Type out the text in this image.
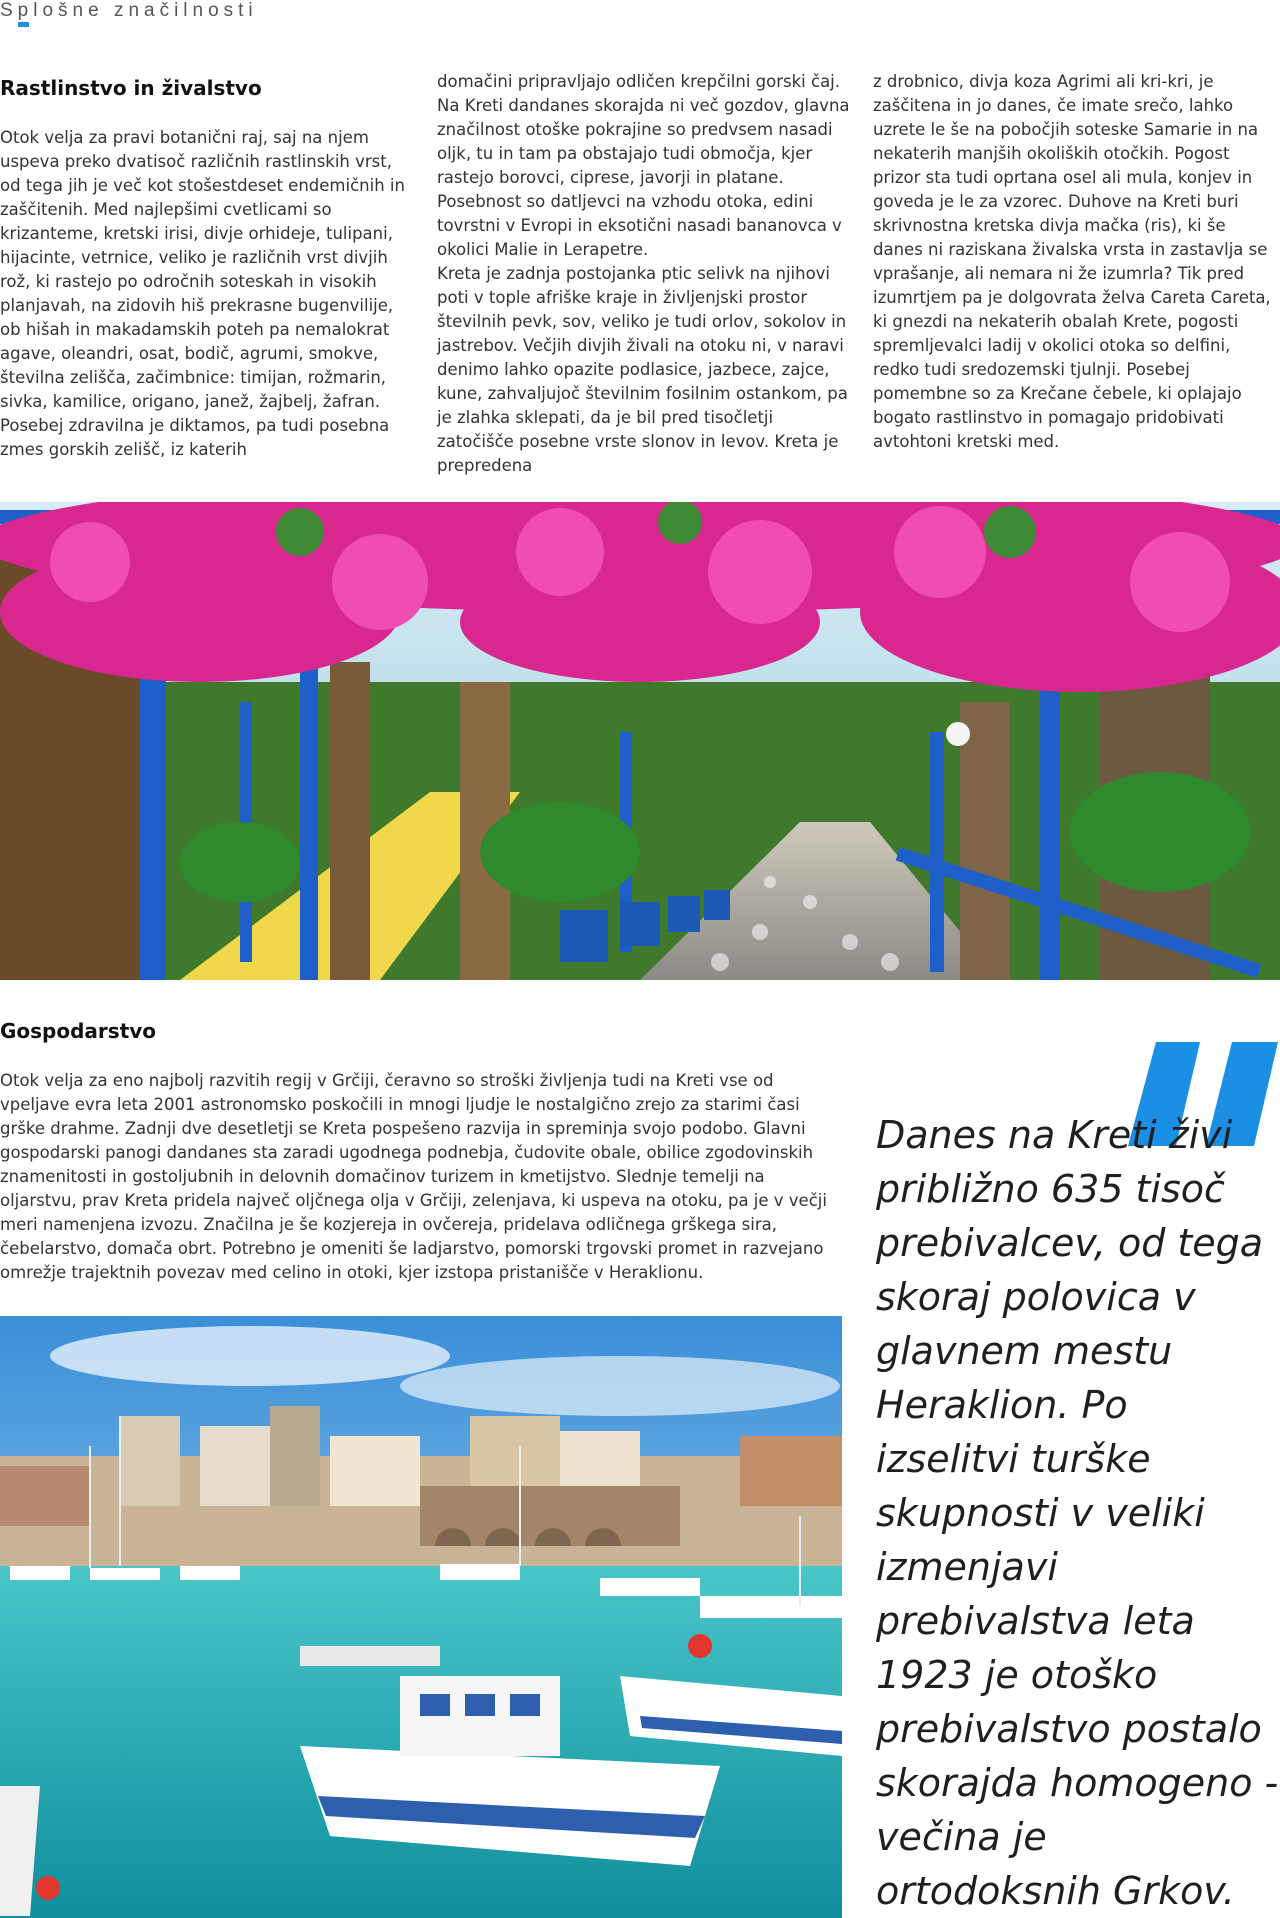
Splošne značilnosti
Rastlinstvo in živalstvo

Otok velja za pravi botanični raj, saj na njem uspeva preko dvatisoč različnih rastlinskih vrst, od tega jih je več kot stošestdeset endemičnih in zaščitenih. Med najlepšimi cvetlicami so krizanteme, kretski irisi, divje orhideje, tulipani, hijacinte, vetrnice, veliko je različnih vrst divjih rož, ki rastejo po odročnih soteskah in visokih planjavah, na zidovih hiš prekrasne bugenvilije, ob hišah in makadamskih poteh pa nemalokrat agave, oleandri, osat, bodič, agrumi, smokve, številna zelišča, začimbnice: timijan, rožmarin, sivka, kamilice, origano, janež, žajbelj, žafran. Posebej zdravilna je diktamos, pa tudi posebna zmes gorskih zelišč, iz katerih

domačini pripravljajo odličen krepčilni gorski čaj. Na Kreti dandanes skorajda ni več gozdov, glavna značilnost otoške pokrajine so predvsem nasadi oljk, tu in tam pa obstajajo tudi območja, kjer rastejo borovci, ciprese, javorji in platane. Posebnost so datljevci na vzhodu otoka, edini tovrstni v Evropi in eksotični nasadi bananovca v okolici Malie in Lerapetre.

Kreta je zadnja postojanka ptic selivk na njihovi poti v tople afriške kraje in življenjski prostor številnih pevk, sov, veliko je tudi orlov, sokolov in jastrebov. Večjih divjih živali na otoku ni, v naravi denimo lahko opazite podlasice, jazbece, zajce, kune, zahvaljujoč številnim fosilnim ostankom, pa je zlahka sklepati, da je bil pred tisočletji zatočišče posebne vrste slonov in levov. Kreta je prepredena

z drobnico, divja koza Agrimi ali kri-kri, je zaščitena in jo danes, če imate srečo, lahko uzrete le še na pobočjih soteske Samarie in na nekaterih manjših okoliških otočkih. Pogost prizor sta tudi oprtana osel ali mula, konjev in goveda je le za vzorec. Duhove na Kreti buri skrivnostna kretska divja mačka (ris), ki še danes ni raziskana živalska vrsta in zastavlja se vprašanje, ali nemara ni že izumrla? Tik pred izumrtjem pa je dolgovrata želva Careta Careta, ki gnezdi na nekaterih obalah Krete, pogosti spremljevalci ladij v okolici otoka so delfini, redko tudi sredozemski tjulnji. Posebej pomembne so za Krečane čebele, ki oplajajo bogato rastlinstvo in pomagajo pridobivati avtohtoni kretski med.

Gospodarstvo

Otok velja za eno najbolj razvitih regij v Grčiji, čeravno so stroški življenja tudi na Kreti vse od vpeljave evra leta 2001 astronomsko poskočili in mnogi ljudje le nostalgično zrejo za starimi časi grške drahme. Zadnji dve desetletji se Kreta pospešeno razvija in spreminja svojo podobo. Glavni gospodarski panogi dandanes sta zaradi ugodnega podnebja, čudovite obale, obilice zgodovinskih znamenitosti in gostoljubnih in delovnih domačinov turizem in kmetijstvo. Slednje temelji na oljarstvu, prav Kreta pridela največ oljčnega olja v Grčiji, zelenjava, ki uspeva na otoku, pa je v večji meri namenjena izvozu. Značilna je še kozjereja in ovčereja, pridelava odličnega grškega sira, čebelarstvo, domača obrt. Potrebno je omeniti še ladjarstvo, pomorski trgovski promet in razvejano omrežje trajektnih povezav med celino in otoki, kjer izstopa pristanišče v Heraklionu.

Danes na Kreti živi približno 635 tisoč prebivalcev, od tega skoraj polovica v glavnem mestu Heraklion. Po izselitvi turške skupnosti v veliki izmenjavi prebivalstva leta 1923 je otoško prebivalstvo postalo skorajda homogeno - večina je ortodoksnih Grkov.
